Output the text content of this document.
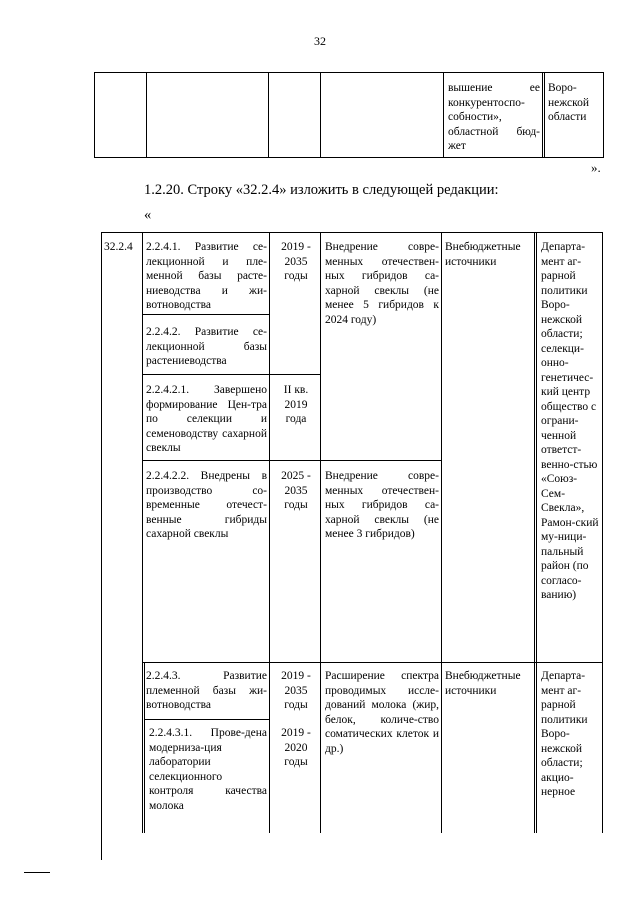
32
вышение ее конкурентоспо-собности», областной бюд-жет
Воро-нежской области
».
1.2.20. Строку «32.2.4» изложить в следующей редакции:
«
32.2.4	2.2.4.1. Развитие се-лекционной и пле-менной базы расте-ниеводства и жи-вотноводства
2.2.4.2. Развитие се-лекционной базы растениеводства
2.2.4.2.1. Завершено формирование Цен-тра по селекции и семеноводству сахарной свеклы
2.2.4.2.2. Внедрены в производство со-временные отечест-венные гибриды сахарной свеклы
2.2.4.3. Развитие племенной базы жи-вотноводства
2.2.4.3.1. Прове-дена модерниза-ция лаборатории селекционного контроля качества молока
2019 - 2035 годы
II кв. 2019 года
2025 - 2035 годы
2019 - 2035 годы
2019 - 2020 годы
Внедрение совре-менных отечествен-ных гибридов са-харной свеклы (не менее 5 гибридов к 2024 году)
Внедрение совре-менных отечествен-ных гибридов са-харной свеклы (не менее 3 гибридов)
Расширение спектра проводимых иссле-дований молока (жир, белок, количе-ство соматических клеток и др.)
Внебюджетные источники
Внебюджетные источники
Департа-мент аг-рарной политики Воро-нежской области; селекци-онно-генетичес-кий центр общество с ограни-ченной ответст-венно-стью «Союз-Сем-Свекла», Рамон-ский му-ници-пальный район (по согласо-ванию)
Департа-мент аг-рарной политики Воро-нежской области; акцио-нерное
